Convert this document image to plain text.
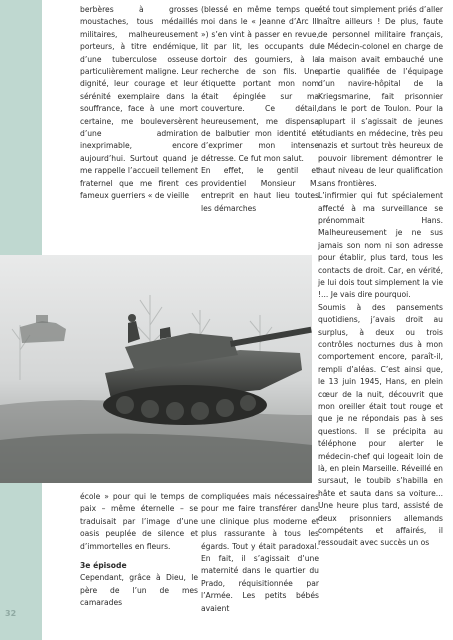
32

berbères à grosses moustaches, tous médaillés militaires, malheureusement porteurs, à titre endémique, d’une tuberculose osseuse particulièrement maligne. Leur dignité, leur courage et leur sérénité exemplaire dans la souffrance, face à une mort certaine, me bouleversèrent d’une admiration inexprimable, encore aujourd’hui. Surtout quand je me rappelle l’accueil tellement fraternel que me firent ces fameux guerriers « de vieille

(blessé en même temps que moi dans le « Jeanne d’Arc III ») s’en vint à passer en revue, lit par lit, les occupants du dortoir des goumiers, à la recherche de son fils. Une étiquette portant mon nom était épinglée sur ma couverture. Ce détail, heureusement, me dispensa de balbutier mon identité et d’exprimer mon intense détresse. Ce fut mon salut.

En effet, le gentil et providentiel Monsieur M. entreprit en haut lieu toutes les démarches

été tout simplement priés d’aller naître ailleurs ! De plus, faute de personnel militaire français, le Médecin-colonel en charge de la maison avait embauché une partie qualifiée de l’équipage d’un navire-hôpital de la Kriegsmarine, fait prisonnier dans le port de Toulon. Pour la plupart il s’agissait de jeunes étudiants en médecine, très peu nazis et surtout très heureux de pouvoir librement démontrer le haut niveau de leur qualification sans frontières.

L’infirmier qui fut spécialement affecté à ma surveillance se prénommait Hans. Malheureusement je ne sus jamais son nom ni son adresse pour établir, plus tard, tous les contacts de droit. Car, en vérité, je lui dois tout simplement la vie !... Je vais dire pourquoi.

Soumis à des pansements quotidiens, j’avais droit au surplus, à deux ou trois contrôles nocturnes dus à mon comportement encore, paraît-il, rempli d’aléas. C’est ainsi que, le 13 juin 1945, Hans, en plein cœur de la nuit, découvrit que mon oreiller était tout rouge et que je ne répondais pas à ses questions. Il se précipita au téléphone pour alerter le médecin-chef qui logeait loin de là, en plein Marseille. Réveillé en sursaut, le toubib s’habilla en hâte et sauta dans sa voiture... Une heure plus tard, assisté de deux prisonniers allemands compétents et affairés, il ressoudait avec succès un os

école » pour qui le temps de paix – même éternelle – se traduisait par l’image d’une oasis peuplée de silence et d’immortelles en fleurs.

3e épisode

Cependant, grâce à Dieu, le père de l’un de mes camarades

compliquées mais nécessaires pour me faire transférer dans une clinique plus moderne et plus rassurante à tous les égards. Tout y était paradoxal. En fait, il s’agissait d’une maternité dans le quartier du Prado, réquisitionnée par l’Armée. Les petits bébés avaient
